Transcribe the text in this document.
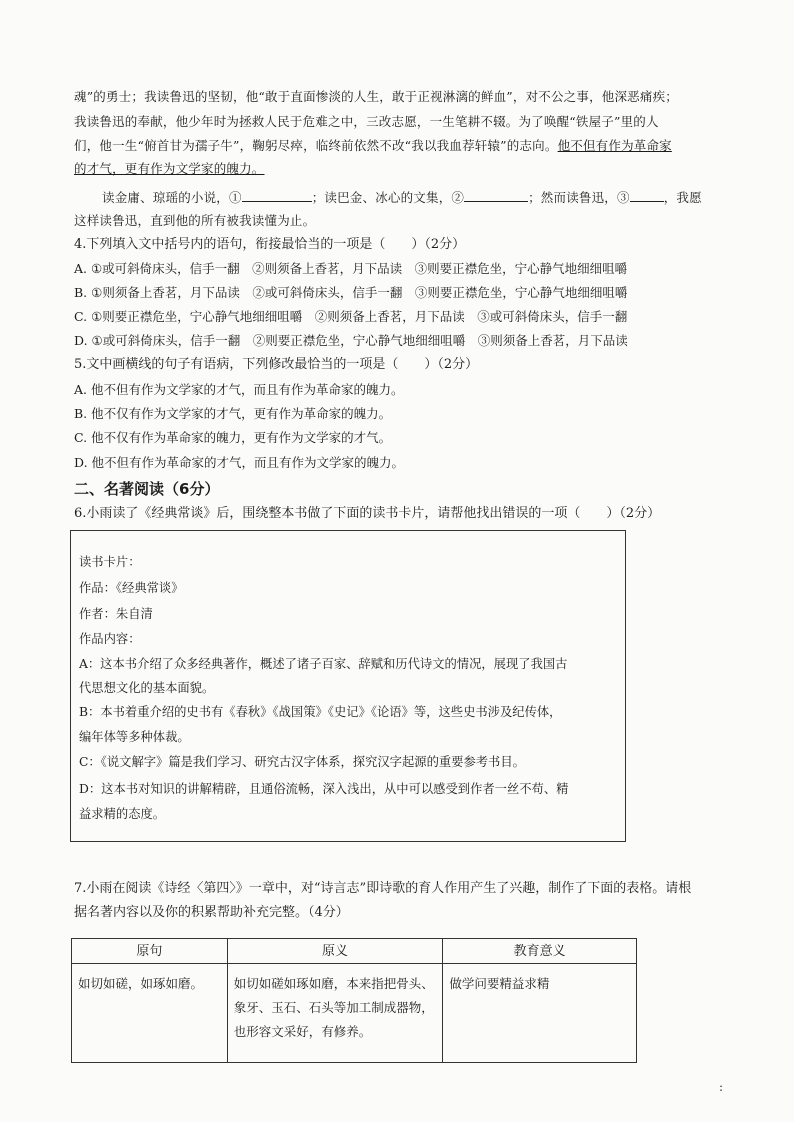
魂”的勇士；我读鲁迅的坚韧，他“敢于直面惨淡的人生，敢于正视淋漓的鲜血”，对不公之事，他深恶痛疾；
我读鲁迅的奉献，他少年时为拯救人民于危难之中，三改志愿，一生笔耕不辍。为了唤醒“铁屋子”里的人
们，他一生“俯首甘为孺子牛”，鞠躬尽瘁，临终前依然不改“我以我血荐轩辕”的志向。他不但有作为革命家
的才气，更有作为文学家的魄力。
读金庸、琼瑶的小说，①	；读巴金、冰心的文集，②	；然而读鲁迅，③	，我愿
这样读鲁迅，直到他的所有被我读懂为止。
4.下列填入文中括号内的语句，衔接最恰当的一项是（　　）（2分）
A. ①或可斜倚床头，信手一翻　②则须备上香茗，月下品读　③则要正襟危坐，宁心静气地细细咀嚼
B. ①则须备上香茗，月下品读　②或可斜倚床头，信手一翻　③则要正襟危坐，宁心静气地细细咀嚼
C. ①则要正襟危坐，宁心静气地细细咀嚼　②则须备上香茗，月下品读　③或可斜倚床头，信手一翻
D. ①或可斜倚床头，信手一翻　②则要正襟危坐，宁心静气地细细咀嚼　③则须备上香茗，月下品读
5.文中画横线的句子有语病，下列修改最恰当的一项是（　　）（2分）
A. 他不但有作为文学家的才气，而且有作为革命家的魄力。
B. 他不仅有作为文学家的才气，更有作为革命家的魄力。
C. 他不仅有作为革命家的魄力，更有作为文学家的才气。
D. 他不但有作为革命家的才气，而且有作为文学家的魄力。
二、名著阅读（6分）
6.小雨读了《经典常谈》后，围绕整本书做了下面的读书卡片，请帮他找出错误的一项（　　）（2分）
读书卡片：
作品：《经典常谈》
作者：朱自清
作品内容：
A：这本书介绍了众多经典著作，概述了诸子百家、辞赋和历代诗文的情况，展现了我国古
代思想文化的基本面貌。
B：本书着重介绍的史书有《春秋》《战国策》《史记》《论语》等，这些史书涉及纪传体，
编年体等多种体裁。
C：《说文解字》篇是我们学习、研究古汉字体系，探究汉字起源的重要参考书目。
D：这本书对知识的讲解精辟，且通俗流畅，深入浅出，从中可以感受到作者一丝不苟、精
益求精的态度。
7.小雨在阅读《诗经〈第四〉》一章中，对“诗言志”即诗歌的育人作用产生了兴趣，制作了下面的表格。请根
据名著内容以及你的积累帮助补充完整。（4分）
原句	原义	教育意义
如切如磋，如琢如磨。	如切如磋如琢如磨，本来指把骨头、象牙、玉石、石头等加工制成器物，也形容文采好，有修养。	做学问要精益求精
:
